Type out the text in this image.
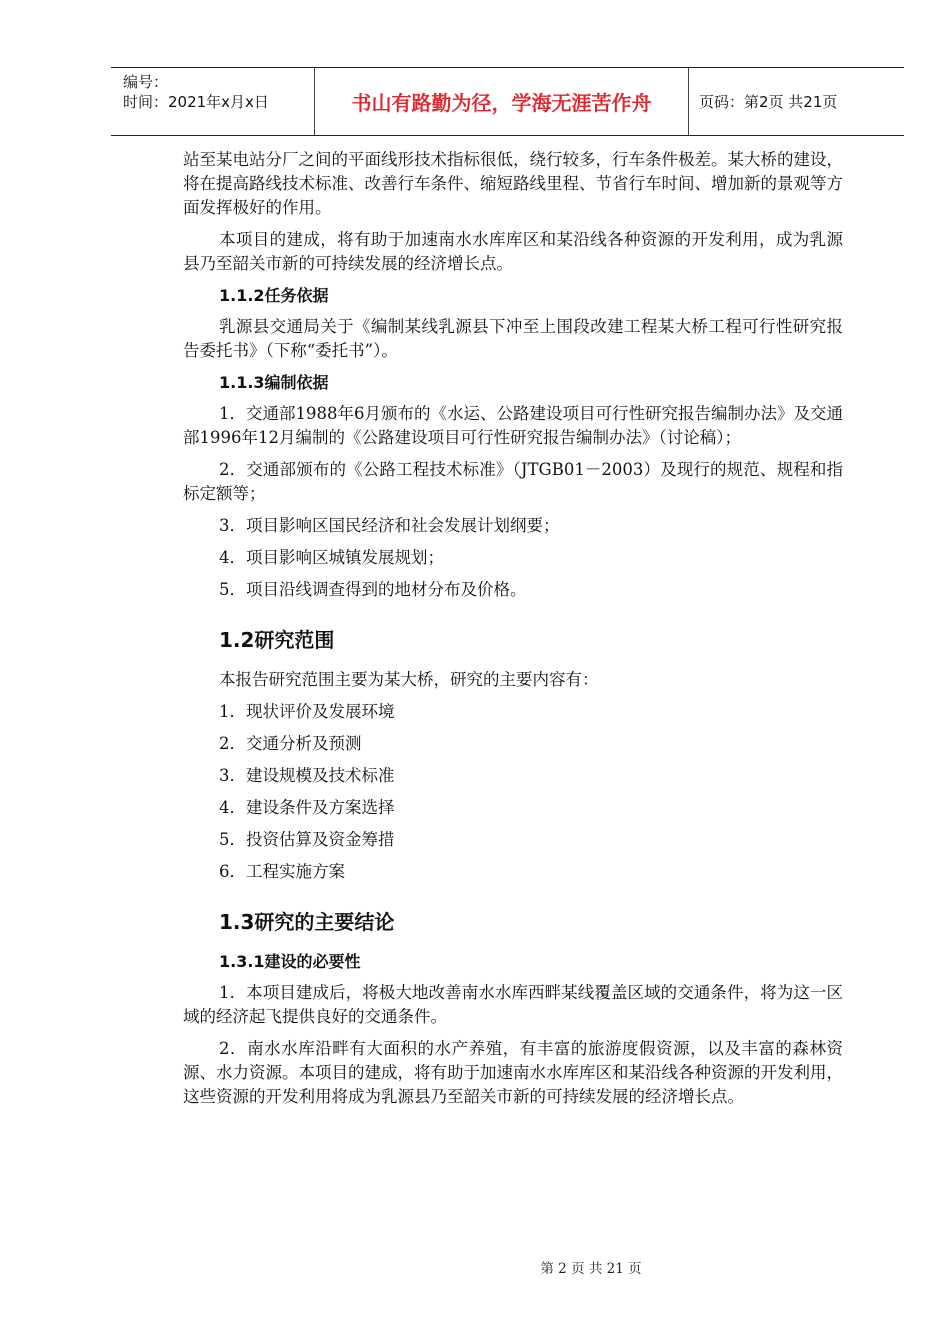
编号：
时间：2021年x月x日	书山有路勤为径，学海无涯苦作舟	页码：第2页 共21页

站至某电站分厂之间的平面线形技术指标很低，绕行较多，行车条件极差。某大桥的建设，将在提高路线技术标准、改善行车条件、缩短路线里程、节省行车时间、增加新的景观等方面发挥极好的作用。

本项目的建成，将有助于加速南水水库库区和某沿线各种资源的开发利用，成为乳源县乃至韶关市新的可持续发展的经济增长点。

1.1.2任务依据

乳源县交通局关于《编制某线乳源县下冲至上围段改建工程某大桥工程可行性研究报告委托书》（下称“委托书”）。

1.1.3编制依据

1．交通部1988年6月颁布的《水运、公路建设项目可行性研究报告编制办法》及交通部1996年12月编制的《公路建设项目可行性研究报告编制办法》（讨论稿）；

2．交通部颁布的《公路工程技术标准》（JTGB01－2003）及现行的规范、规程和指标定额等；

3．项目影响区国民经济和社会发展计划纲要；

4．项目影响区城镇发展规划；

5．项目沿线调查得到的地材分布及价格。

1.2研究范围

本报告研究范围主要为某大桥，研究的主要内容有：

1．现状评价及发展环境
2．交通分析及预测
3．建设规模及技术标准
4．建设条件及方案选择
5．投资估算及资金筹措
6．工程实施方案
1.3研究的主要结论
1.3.1建设的必要性

1．本项目建成后，将极大地改善南水水库西畔某线覆盖区域的交通条件，将为这一区域的经济起飞提供良好的交通条件。

2．南水水库沿畔有大面积的水产养殖，有丰富的旅游度假资源，以及丰富的森林资源、水力资源。本项目的建成，将有助于加速南水水库库区和某沿线各种资源的开发利用，这些资源的开发利用将成为乳源县乃至韶关市新的可持续发展的经济增长点。

第 2 页 共 21 页
